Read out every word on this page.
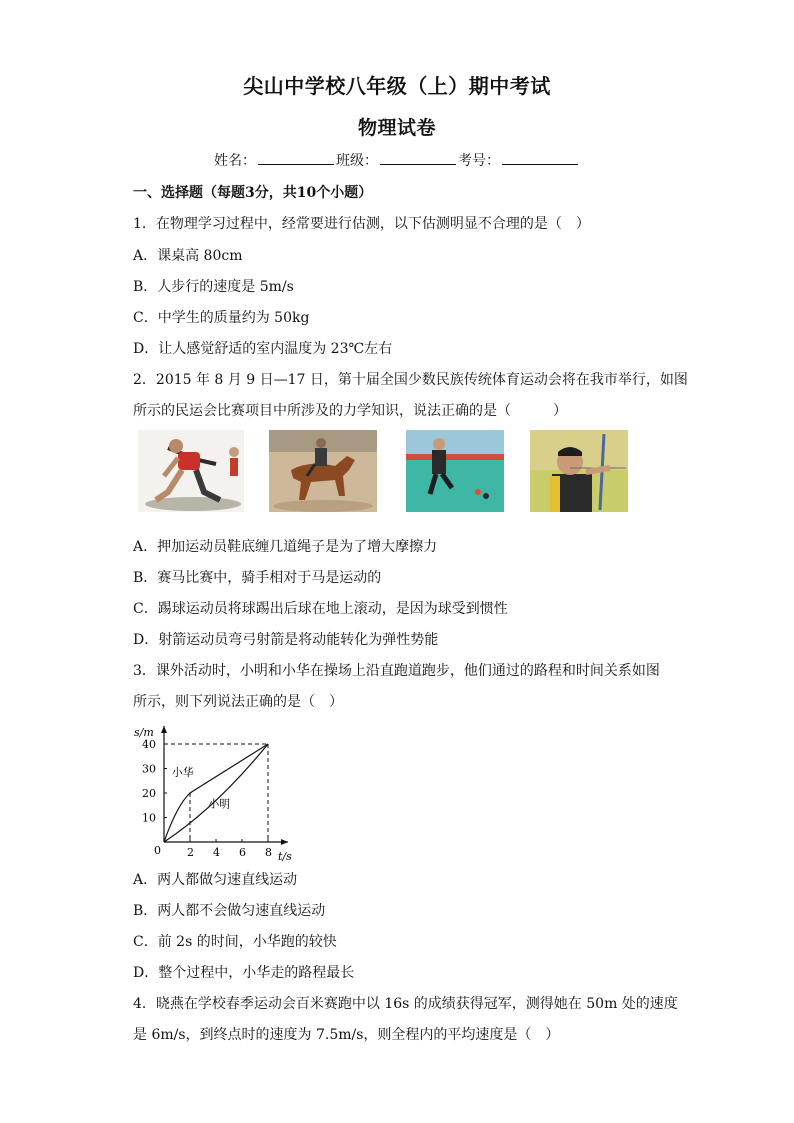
尖山中学校八年级（上）期中考试
物理试卷
姓名：	班级：	考号：
一、选择题（每题3分，共10个小题）
1．在物理学习过程中，经常要进行估测，以下估测明显不合理的是（　）
A．课桌高 80cm
B．人步行的速度是 5m/s
C．中学生的质量约为 50kg
D．让人感觉舒适的室内温度为 23℃左右
2．2015 年 8 月 9 日—17 日，第十届全国少数民族传统体育运动会将在我市举行，如图
所示的民运会比赛项目中所涉及的力学知识，说法正确的是（　　　）
A．押加运动员鞋底缠几道绳子是为了增大摩擦力
B．赛马比赛中，骑手相对于马是运动的
C．踢球运动员将球踢出后球在地上滚动，是因为球受到惯性
D．射箭运动员弯弓射箭是将动能转化为弹性势能
3．课外活动时，小明和小华在操场上沿直跑道跑步，他们通过的路程和时间关系如图
所示，则下列说法正确的是（　）
s/m
t/s
0 2 4 6 8
10
20
30
40
小华
小明
A．两人都做匀速直线运动
B．两人都不会做匀速直线运动
C．前 2s 的时间，小华跑的较快
D．整个过程中，小华走的路程最长
4．晓燕在学校春季运动会百米赛跑中以 16s 的成绩获得冠军，测得她在 50m 处的速度
是 6m/s，到终点时的速度为 7.5m/s，则全程内的平均速度是（　）
